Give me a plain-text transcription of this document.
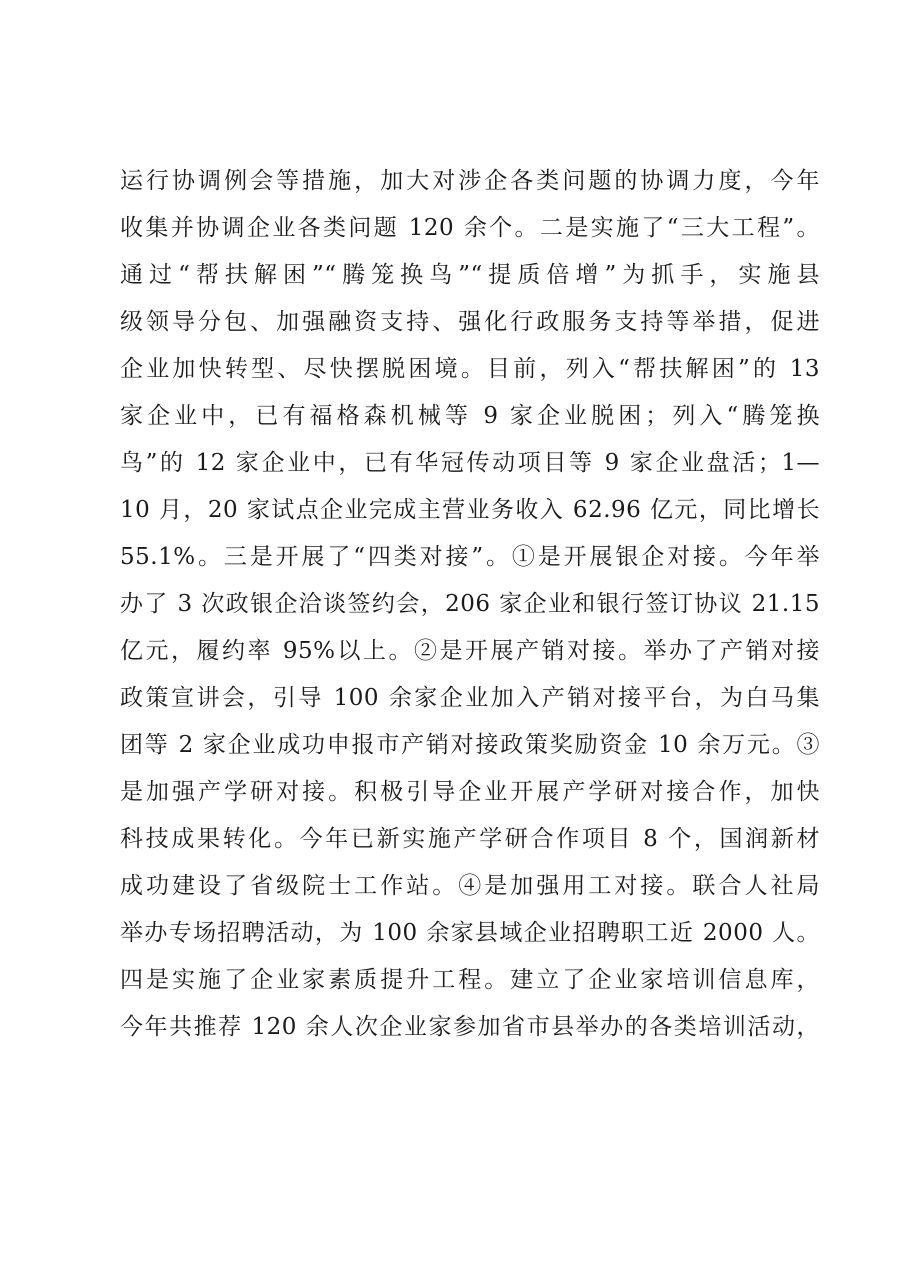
运行协调例会等措施，加大对涉企各类问题的协调力度，今年
收集并协调企业各类问题 120 余个。二是实施了“三大工程”。
通过“帮扶解困”“腾笼换鸟”“提质倍增”为抓手，实施县
级领导分包、加强融资支持、强化行政服务支持等举措，促进
企业加快转型、尽快摆脱困境。目前，列入“帮扶解困”的 13
家企业中，已有福格森机械等 9 家企业脱困；列入“腾笼换
鸟”的 12 家企业中，已有华冠传动项目等 9 家企业盘活；1—
10 月，20 家试点企业完成主营业务收入 62.96 亿元，同比增长
55.1%。三是开展了“四类对接”。①是开展银企对接。今年举
办了 3 次政银企洽谈签约会，206 家企业和银行签订协议 21.15
亿元，履约率 95%以上。②是开展产销对接。举办了产销对接
政策宣讲会，引导 100 余家企业加入产销对接平台，为白马集
团等 2 家企业成功申报市产销对接政策奖励资金 10 余万元。③
是加强产学研对接。积极引导企业开展产学研对接合作，加快
科技成果转化。今年已新实施产学研合作项目 8 个，国润新材
成功建设了省级院士工作站。④是加强用工对接。联合人社局
举办专场招聘活动，为 100 余家县域企业招聘职工近 2000 人。
四是实施了企业家素质提升工程。建立了企业家培训信息库，
今年共推荐 120 余人次企业家参加省市县举办的各类培训活动，
